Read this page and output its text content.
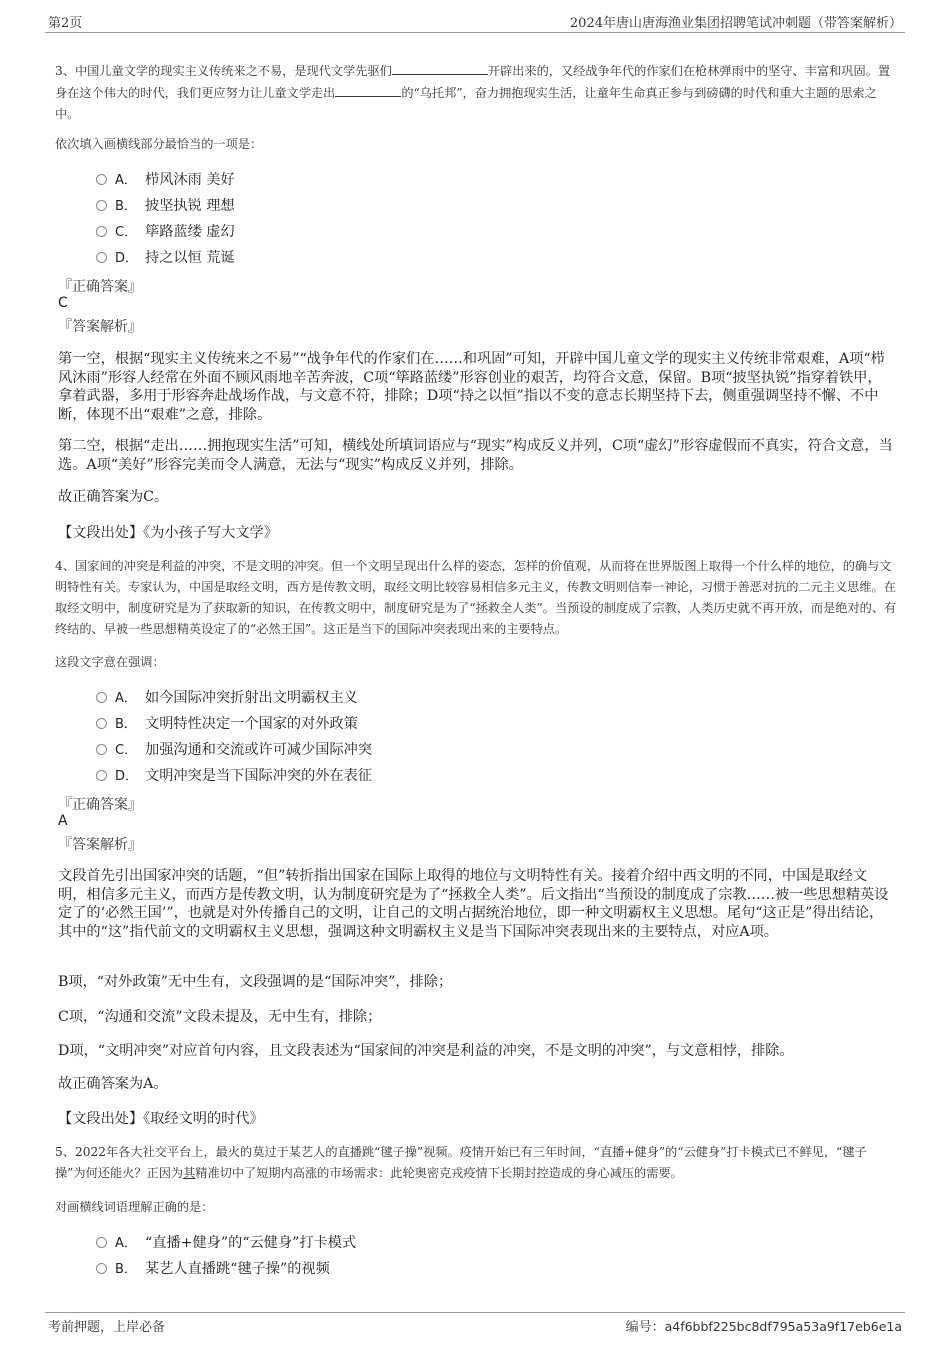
第2页	2024年唐山唐海渔业集团招聘笔试冲刺题（带答案解析）
3、中国儿童文学的现实主义传统来之不易，是现代文学先驱们	开辟出来的，又经战争年代的作家们在枪林弹雨中的坚守、丰富和巩固。置身在这个伟大的时代，我们更应努力让儿童文学走出	的“乌托邦”，奋力拥抱现实生活，让童年生命真正参与到磅礴的时代和重大主题的思索之中。
依次填入画横线部分最恰当的一项是：
A． 栉风沐雨 美好
B． 披坚执锐 理想
C． 筚路蓝缕 虚幻
D． 持之以恒 荒诞
『正确答案』
C
『答案解析』
第一空，根据“现实主义传统来之不易”“战争年代的作家们在……和巩固”可知，开辟中国儿童文学的现实主义传统非常艰难，A项“栉风沐雨”形容人经常在外面不顾风雨地辛苦奔波，C项“筚路蓝缕”形容创业的艰苦，均符合文意，保留。B项“披坚执锐”指穿着铁甲，拿着武器，多用于形容奔赴战场作战，与文意不符，排除；D项“持之以恒”指以不变的意志长期坚持下去，侧重强调坚持不懈、不中断，体现不出“艰难”之意，排除。
第二空，根据“走出……拥抱现实生活”可知，横线处所填词语应与“现实”构成反义并列，C项“虚幻”形容虚假而不真实，符合文意，当选。A项“美好”形容完美而令人满意，无法与“现实”构成反义并列，排除。
故正确答案为C。
【文段出处】《为小孩子写大文学》
4、国家间的冲突是利益的冲突，不是文明的冲突。但一个文明呈现出什么样的姿态，怎样的价值观，从而将在世界版图上取得一个什么样的地位，的确与文明特性有关。专家认为，中国是取经文明，西方是传教文明，取经文明比较容易相信多元主义，传教文明则信奉一神论，习惯于善恶对抗的二元主义思维。在取经文明中，制度研究是为了获取新的知识，在传教文明中，制度研究是为了“拯救全人类”。当预设的制度成了宗教，人类历史就不再开放，而是绝对的、有终结的、早被一些思想精英设定了的“必然王国”。这正是当下的国际冲突表现出来的主要特点。
这段文字意在强调：
A． 如今国际冲突折射出文明霸权主义
B． 文明特性决定一个国家的对外政策
C． 加强沟通和交流或许可减少国际冲突
D． 文明冲突是当下国际冲突的外在表征
『正确答案』
A
『答案解析』
文段首先引出国家冲突的话题，“但”转折指出国家在国际上取得的地位与文明特性有关。接着介绍中西文明的不同，中国是取经文明，相信多元主义，而西方是传教文明，认为制度研究是为了“拯救全人类”。后文指出“当预设的制度成了宗教……被一些思想精英设定了的‘必然王国’”，也就是对外传播自己的文明，让自己的文明占据统治地位，即一种文明霸权主义思想。尾句“这正是”得出结论，其中的“这”指代前文的文明霸权主义思想，强调这种文明霸权主义是当下国际冲突表现出来的主要特点，对应A项。
B项，“对外政策”无中生有，文段强调的是“国际冲突”，排除；
C项，“沟通和交流”文段未提及，无中生有，排除；
D项，“文明冲突”对应首句内容，且文段表述为“国家间的冲突是利益的冲突，不是文明的冲突”，与文意相悖，排除。
故正确答案为A。
【文段出处】《取经文明的时代》
5、2022年各大社交平台上，最火的莫过于某艺人的直播跳“毽子操”视频。疫情开始已有三年时间，“直播+健身”的“云健身”打卡模式已不鲜见，“毽子操”为何还能火？正因为其精准切中了短期内高涨的市场需求：此轮奥密克戎疫情下长期封控造成的身心减压的需要。
对画横线词语理解正确的是：
A． “直播+健身”的“云健身”打卡模式
B． 某艺人直播跳“毽子操”的视频
考前押题，上岸必备	编号：a4f6bbf225bc8df795a53a9f17eb6e1a
